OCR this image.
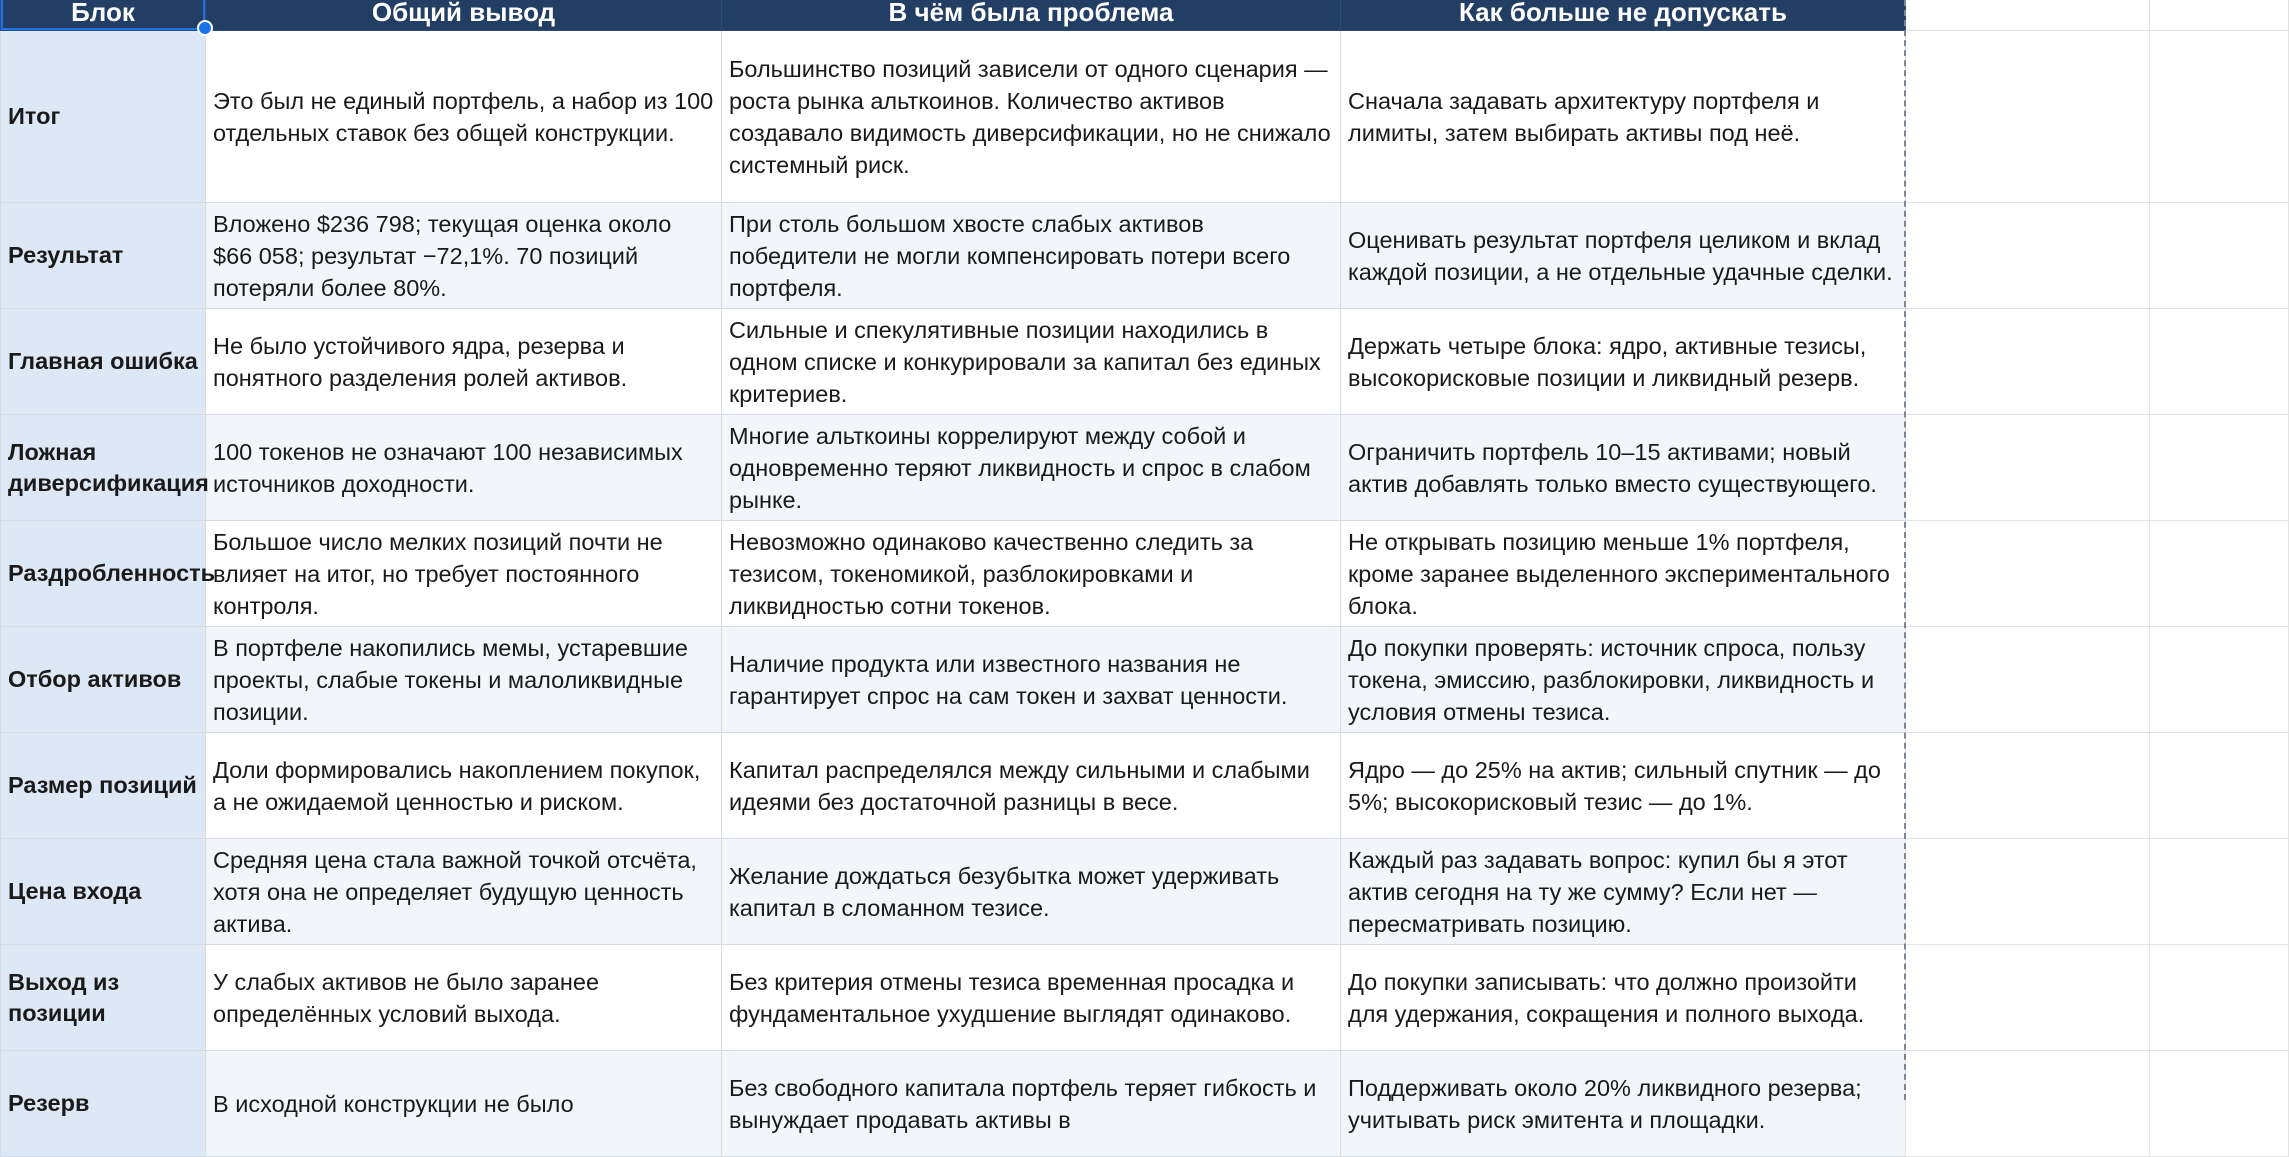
Блок	Общий вывод	В чём была проблема	Как больше не допускать		
Итог	Это был не единый портфель, а набор из 100 отдельных ставок без общей конструкции.	Большинство позиций зависели от одного сценария — роста рынка альткоинов. Количество активов создавало видимость диверсификации, но не снижало системный риск.	Сначала задавать архитектуру портфеля и лимиты, затем выбирать активы под неё.		
Результат	Вложено $236 798; текущая оценка около $66 058; результат −72,1%. 70 позиций потеряли более 80%.	При столь большом хвосте слабых активов победители не могли компенсировать потери всего портфеля.	Оценивать результат портфеля целиком и вклад каждой позиции, а не отдельные удачные сделки.		
Главная ошибка	Не было устойчивого ядра, резерва и понятного разделения ролей активов.	Сильные и спекулятивные позиции находились в одном списке и конкурировали за капитал без единых критериев.	Держать четыре блока: ядро, активные тезисы, высокорисковые позиции и ликвидный резерв.		
Ложная диверсификация	100 токенов не означают 100 независимых источников доходности.	Многие альткоины коррелируют между собой и одновременно теряют ликвидность и спрос в слабом рынке.	Ограничить портфель 10–15 активами; новый актив добавлять только вместо существующего.		
Раздробленность	Большое число мелких позиций почти не влияет на итог, но требует постоянного контроля.	Невозможно одинаково качественно следить за тезисом, токеномикой, разблокировками и ликвидностью сотни токенов.	Не открывать позицию меньше 1% портфеля, кроме заранее выделенного экспериментального блока.		
Отбор активов	В портфеле накопились мемы, устаревшие проекты, слабые токены и малоликвидные позиции.	Наличие продукта или известного названия не гарантирует спрос на сам токен и захват ценности.	До покупки проверять: источник спроса, пользу токена, эмиссию, разблокировки, ликвидность и условия отмены тезиса.		
Размер позиций	Доли формировались накоплением покупок, а не ожидаемой ценностью и риском.	Капитал распределялся между сильными и слабыми идеями без достаточной разницы в весе.	Ядро — до 25% на актив; сильный спутник — до 5%; высокорисковый тезис — до 1%.		
Цена входа	Средняя цена стала важной точкой отсчёта, хотя она не определяет будущую ценность актива.	Желание дождаться безубытка может удерживать капитал в сломанном тезисе.	Каждый раз задавать вопрос: купил бы я этот актив сегодня на ту же сумму? Если нет — пересматривать позицию.		
Выход из позиции	У слабых активов не было заранее определённых условий выхода.	Без критерия отмены тезиса временная просадка и фундаментальное ухудшение выглядят одинаково.	До покупки записывать: что должно произойти для удержания, сокращения и полного выхода.		
Резерв	В исходной конструкции не было	Без свободного капитала портфель теряет гибкость и вынуждает продавать активы в	Поддерживать около 20% ликвидного резерва; учитывать риск эмитента и площадки.		
